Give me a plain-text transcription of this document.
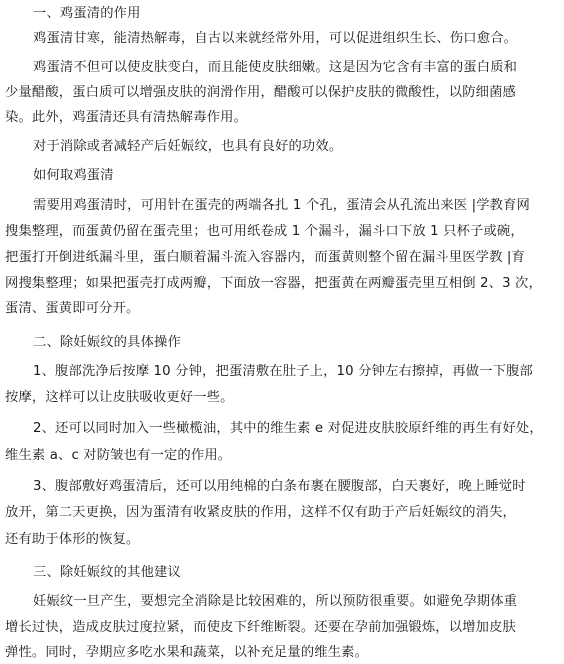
一、鸡蛋清的作用

鸡蛋清甘寒，能清热解毒，自古以来就经常外用，可以促进组织生长、伤口愈合。

鸡蛋清不但可以使皮肤变白，而且能使皮肤细嫩。这是因为它含有丰富的蛋白质和

少量醋酸，蛋白质可以增强皮肤的润滑作用，醋酸可以保护皮肤的微酸性，以防细菌感

染。此外，鸡蛋清还具有清热解毒作用。

对于消除或者减轻产后妊娠纹，也具有良好的功效。

如何取鸡蛋清

需要用鸡蛋清时，可用针在蛋壳的两端各扎 1 个孔，蛋清会从孔流出来医 |学教育网

搜集整理，而蛋黄仍留在蛋壳里；也可用纸卷成 1 个漏斗，漏斗口下放 1 只杯子或碗，

把蛋打开倒进纸漏斗里，蛋白顺着漏斗流入容器内，而蛋黄则整个留在漏斗里医学教 |育

网搜集整理；如果把蛋壳打成两瓣，下面放一容器，把蛋黄在两瓣蛋壳里互相倒 2、3 次，

蛋清、蛋黄即可分开。

二、除妊娠纹的具体操作

1、腹部洗净后按摩 10 分钟，把蛋清敷在肚子上，10 分钟左右擦掉，再做一下腹部

按摩，这样可以让皮肤吸收更好一些。

2、还可以同时加入一些橄榄油，其中的维生素 e 对促进皮肤胶原纤维的再生有好处，

维生素 a、c 对防皱也有一定的作用。

3、腹部敷好鸡蛋清后，还可以用纯棉的白条布裹在腰腹部，白天裹好，晚上睡觉时

放开，第二天更换，因为蛋清有收紧皮肤的作用，这样不仅有助于产后妊娠纹的消失，

还有助于体形的恢复。

三、除妊娠纹的其他建议

妊娠纹一旦产生，要想完全消除是比较困难的，所以预防很重要。如避免孕期体重

增长过快，造成皮肤过度拉紧，而使皮下纤维断裂。还要在孕前加强锻炼，以增加皮肤

弹性。同时，孕期应多吃水果和蔬菜，以补充足量的维生素。
